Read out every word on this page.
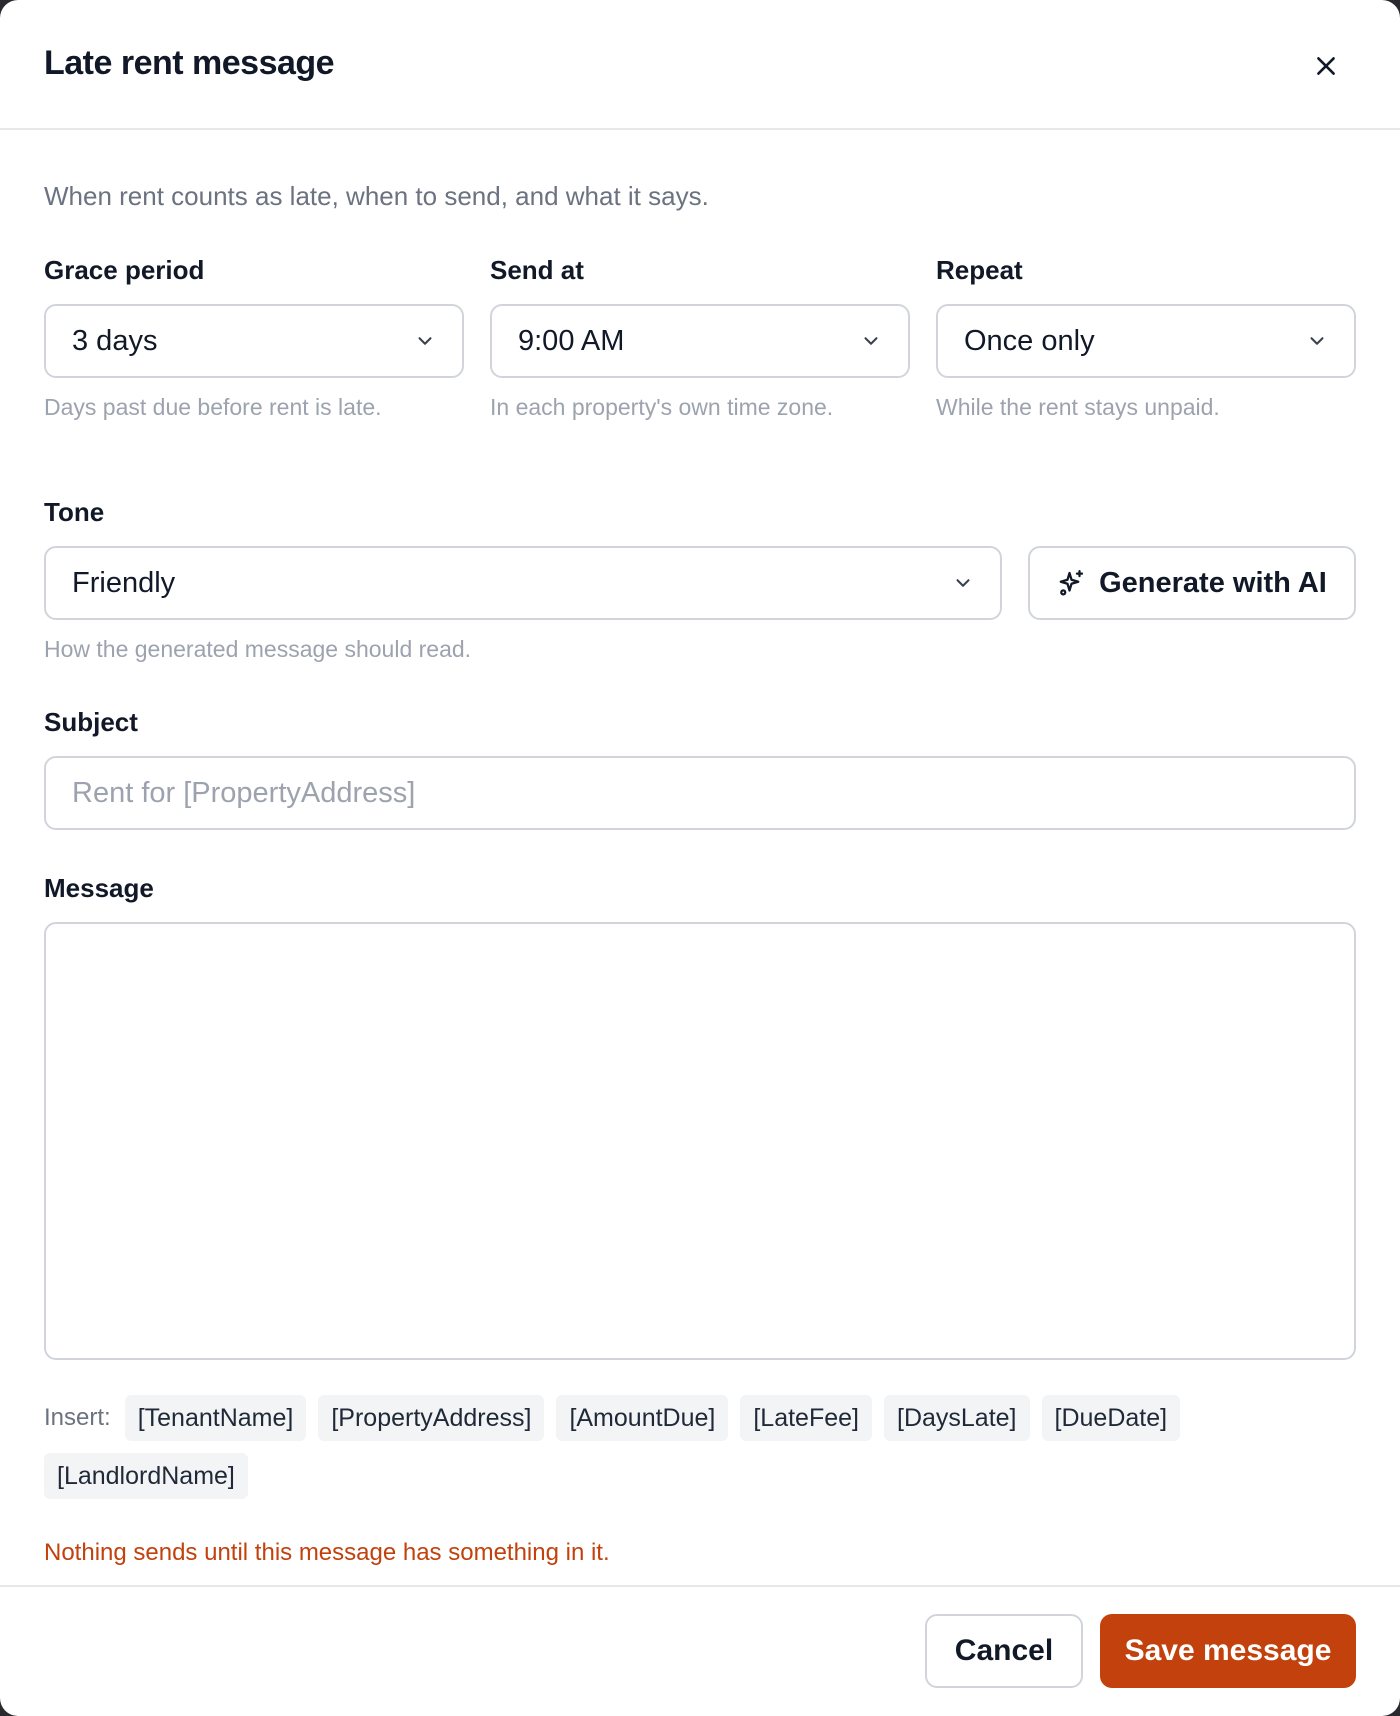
Late rent message

When rent counts as late, when to send, and what it says.

Grace period
3 days
Days past due before rent is late.
Send at
9:00 AM
In each property's own time zone.
Repeat
Once only
While the rent stays unpaid.
Tone
Friendly	Generate with AI
How the generated message should read.
Subject
Rent for [PropertyAddress]
Message
Insert:	[TenantName]	[PropertyAddress]	[AmountDue]	[LateFee]	[DaysLate]	[DueDate]
[LandlordName]

Nothing sends until this message has something in it.

Cancel	Save message
